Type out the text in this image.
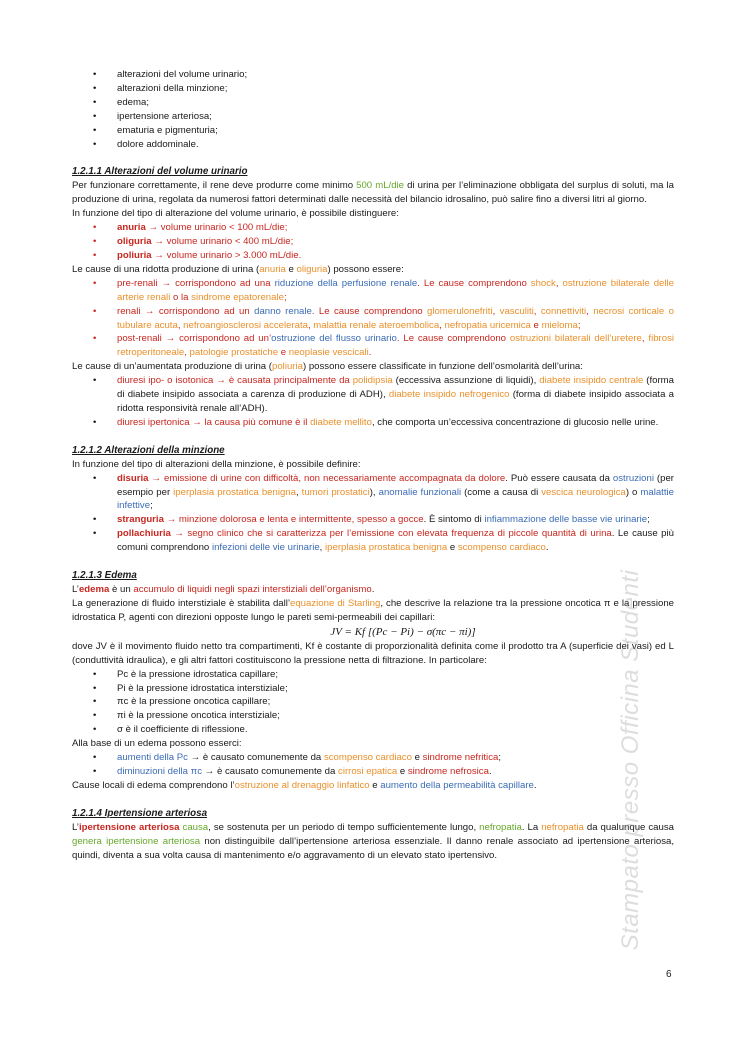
• alterazioni del volume urinario;
• alterazioni della minzione;
• edema;
• ipertensione arteriosa;
• ematuria e pigmenturia;
• dolore addominale.
1.2.1.1 Alterazioni del volume urinario

Per funzionare correttamente, il rene deve produrre come minimo 500 mL/die di urina per l’eliminazione obbligata del surplus di soluti, ma la produzione di urina, regolata da numerosi fattori determinati dalle necessità del bilancio idrosalino, può salire fino a diversi litri al giorno.

In funzione del tipo di alterazione del volume urinario, è possibile distinguere:

• anuria → volume urinario < 100 mL/die;
• oliguria → volume urinario < 400 mL/die;
• poliuria → volume urinario > 3.000 mL/die.

Le cause di una ridotta produzione di urina (anuria e oliguria) possono essere:

• pre-renali → corrispondono ad una riduzione della perfusione renale. Le cause comprendono shock, ostruzione bilaterale delle arterie renali o la sindrome epatorenale;
• renali → corrispondono ad un danno renale. Le cause comprendono glomerulonefriti, vasculiti, connettiviti, necrosi corticale o tubulare acuta, nefroangiosclerosi accelerata, malattia renale ateroembolica, nefropatia uricemica e mieloma;
• post-renali → corrispondono ad un’ostruzione del flusso urinario. Le cause comprendono ostruzioni bilaterali dell’uretere, fibrosi retroperitoneale, patologie prostatiche e neoplasie vescicali.

Le cause di un’aumentata produzione di urina (poliuria) possono essere classificate in funzione dell’osmolarità dell’urina:

• diuresi ipo- o isotonica → è causata principalmente da polidipsia (eccessiva assunzione di liquidi), diabete insipido centrale (forma di diabete insipido associata a carenza di produzione di ADH), diabete insipido nefrogenico (forma di diabete insipido associata a ridotta responsività renale all’ADH).
• diuresi ipertonica → la causa più comune è il diabete mellito, che comporta un’eccessiva concentrazione di glucosio nelle urine.
1.2.1.2 Alterazioni della minzione

In funzione del tipo di alterazioni della minzione, è possibile definire:

• disuria → emissione di urine con difficoltà, non necessariamente accompagnata da dolore. Può essere causata da ostruzioni (per esempio per iperplasia prostatica benigna, tumori prostatici), anomalie funzionali (come a causa di vescica neurologica) o malattie infettive;
• stranguria → minzione dolorosa e lenta e intermittente, spesso a gocce. È sintomo di infiammazione delle basse vie urinarie;
• pollachiuria → segno clinico che si caratterizza per l’emissione con elevata frequenza di piccole quantità di urina. Le cause più comuni comprendono infezioni delle vie urinarie, iperplasia prostatica benigna e scompenso cardiaco.
1.2.1.3 Edema

L’edema è un accumulo di liquidi negli spazi interstiziali dell’organismo.

La generazione di fluido interstiziale è stabilita dall’equazione di Starling, che descrive la relazione tra la pressione oncotica π e la pressione idrostatica P, agenti con direzioni opposte lungo le pareti semi-permeabili dei capillari:

JV = Kf [(Pc − Pi) − σ(πc − πi)]

dove JV è il movimento fluido netto tra compartimenti, Kf è costante di proporzionalità definita come il prodotto tra A (superficie dei vasi) ed L (conduttività idraulica), e gli altri fattori costituiscono la pressione netta di filtrazione. In particolare:

• Pc è la pressione idrostatica capillare;
• Pi è la pressione idrostatica interstiziale;
• πc è la pressione oncotica capillare;
• πi è la pressione oncotica interstiziale;
• σ è il coefficiente di riflessione.

Alla base di un edema possono esserci:

• aumenti della Pc → è causato comunemente da scompenso cardiaco e sindrome nefritica;
• diminuzioni della πc → è causato comunemente da cirrosi epatica e sindrome nefrosica.

Cause locali di edema comprendono l’ostruzione al drenaggio linfatico e aumento della permeabilità capillare.

1.2.1.4 Ipertensione arteriosa

L’ipertensione arteriosa causa, se sostenuta per un periodo di tempo sufficientemente lungo, nefropatia. La nefropatia da qualunque causa genera ipertensione arteriosa non distinguibile dall’ipertensione arteriosa essenziale. Il danno renale associato ad ipertensione arteriosa, quindi, diventa a sua volta causa di mantenimento e/o aggravamento di un elevato stato ipertensivo.	Stampato presso Officina Studenti
6
